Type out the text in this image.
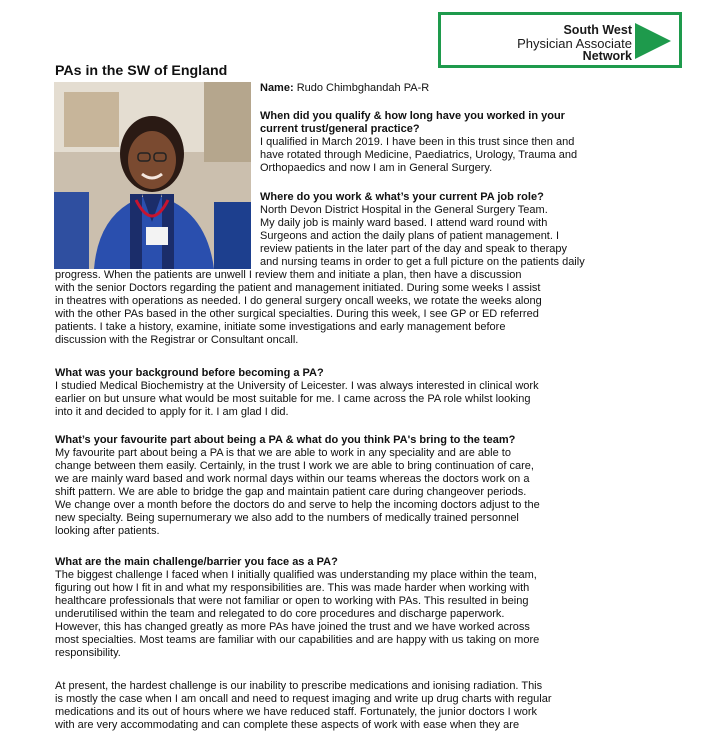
South West
Physician Associate
Network
PAs in the SW of England
Name: Rudo Chimbghandah PA-R
When did you qualify & how long have you worked in your
current trust/general practice?
I qualified in March 2019. I have been in this trust since then and
have rotated through Medicine, Paediatrics, Urology, Trauma and
Orthopaedics and now I am in General Surgery.
Where do you work & what’s your current PA job role?
North Devon District Hospital in the General Surgery Team.
My daily job is mainly ward based. I attend ward round with
Surgeons and action the daily plans of patient management. I
review patients in the later part of the day and speak to therapy
and nursing teams in order to get a full picture on the patients daily
progress. When the patients are unwell I review them and initiate a plan, then have a discussion
with the senior Doctors regarding the patient and management initiated. During some weeks I assist
in theatres with operations as needed. I do general surgery oncall weeks, we rotate the weeks along
with the other PAs based in the other surgical specialties. During this week, I see GP or ED referred
patients. I take a history, examine, initiate some investigations and early management before
discussion with the Registrar or Consultant oncall.
What was your background before becoming a PA?
I studied Medical Biochemistry at the University of Leicester. I was always interested in clinical work
earlier on but unsure what would be most suitable for me. I came across the PA role whilst looking
into it and decided to apply for it. I am glad I did.
What’s your favourite part about being a PA & what do you think PA's bring to the team?
My favourite part about being a PA is that we are able to work in any speciality and are able to
change between them easily. Certainly, in the trust I work we are able to bring continuation of care,
we are mainly ward based and work normal days within our teams whereas the doctors work on a
shift pattern. We are able to bridge the gap and maintain patient care during changeover periods.
We change over a month before the doctors do and serve to help the incoming doctors adjust to the
new specialty. Being supernumerary we also add to the numbers of medically trained personnel
looking after patients.
What are the main challenge/barrier you face as a PA?
The biggest challenge I faced when I initially qualified was understanding my place within the team,
figuring out how I fit in and what my responsibilities are. This was made harder when working with
healthcare professionals that were not familiar or open to working with PAs. This resulted in being
underutilised within the team and relegated to do core procedures and discharge paperwork.
However, this has changed greatly as more PAs have joined the trust and we have worked across
most specialties. Most teams are familiar with our capabilities and are happy with us taking on more
responsibility.
At present, the hardest challenge is our inability to prescribe medications and ionising radiation. This
is mostly the case when I am oncall and need to request imaging and write up drug charts with regular
medications and its out of hours where we have reduced staff. Fortunately, the junior doctors I work
with are very accommodating and can complete these aspects of work with ease when they are
